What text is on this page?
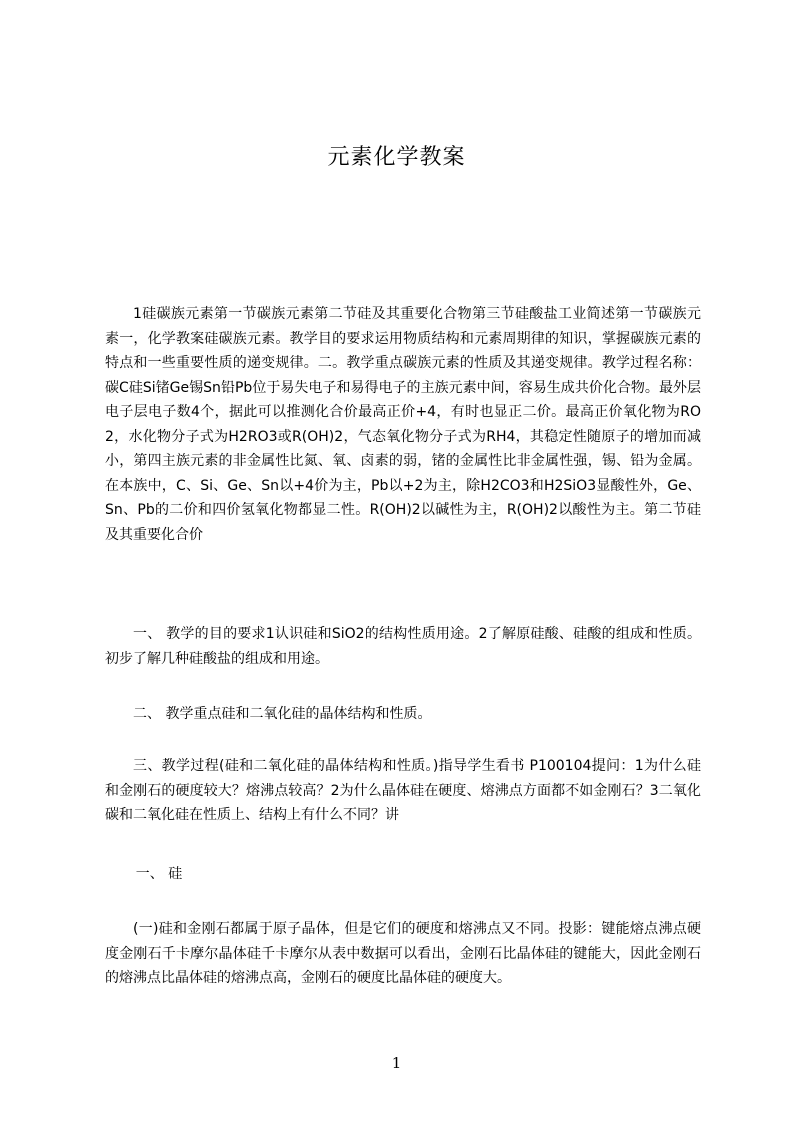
元素化学教案

1硅碳族元素第一节碳族元素第二节硅及其重要化合物第三节硅酸盐工业简述第一节碳族元素一，化学教案硅碳族元素。教学目的要求运用物质结构和元素周期律的知识，掌握碳族元素的特点和一些重要性质的递变规律。二。教学重点碳族元素的性质及其递变规律。教学过程名称：碳C硅Si锗Ge锡Sn铅Pb位于易失电子和易得电子的主族元素中间，容易生成共价化合物。最外层电子层电子数4个，据此可以推测化合价最高正价+4，有时也显正二价。最高正价氧化物为RO2，水化物分子式为H2RO3或R(OH)2，气态氧化物分子式为RH4，其稳定性随原子的增加而减小，第四主族元素的非金属性比氮、氧、卤素的弱，锗的金属性比非金属性强，锡、铅为金属。在本族中，C、Si、Ge、Sn以+4价为主，Pb以+2为主，除H2CO3和H2SiO3显酸性外，Ge、Sn、Pb的二价和四价氢氧化物都显二性。R(OH)2以碱性为主，R(OH)2以酸性为主。第二节硅及其重要化合价

一、 教学的目的要求1认识硅和SiO2的结构性质用途。2了解原硅酸、硅酸的组成和性质。初步了解几种硅酸盐的组成和用途。

二、 教学重点硅和二氧化硅的晶体结构和性质。

三、教学过程(硅和二氧化硅的晶体结构和性质。)指导学生看书 P100104提问：1为什么硅和金刚石的硬度较大？熔沸点较高？2为什么晶体硅在硬度、熔沸点方面都不如金刚石？3二氧化碳和二氧化硅在性质上、结构上有什么不同？讲

一、 硅

(一)硅和金刚石都属于原子晶体，但是它们的硬度和熔沸点又不同。投影：键能熔点沸点硬度金刚石千卡摩尔晶体硅千卡摩尔从表中数据可以看出，金刚石比晶体硅的键能大，因此金刚石的熔沸点比晶体硅的熔沸点高，金刚石的硬度比晶体硅的硬度大。

1
